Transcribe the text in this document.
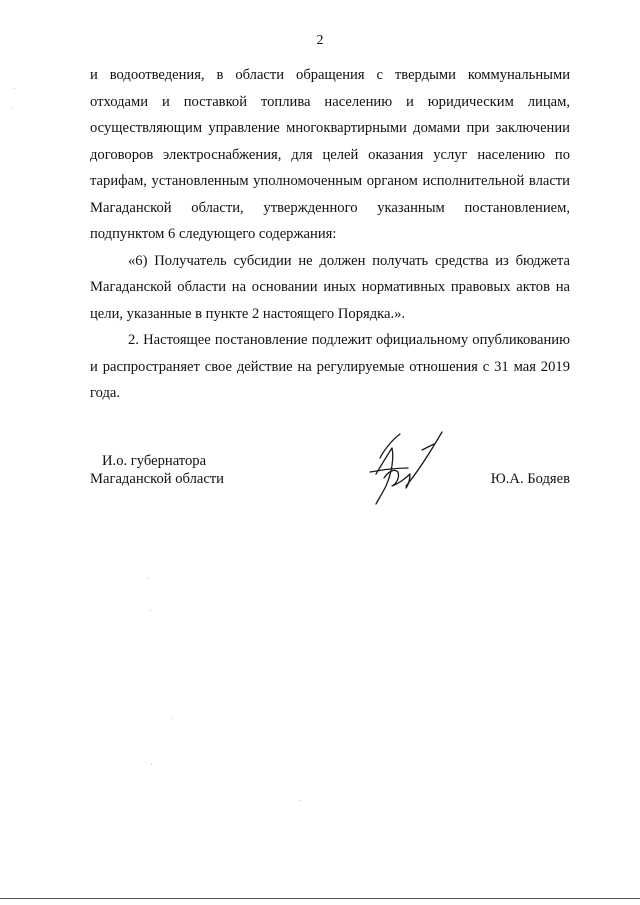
2

и водоотведения, в области обращения с твердыми коммунальными отходами и поставкой топлива населению и юридическим лицам, осуществляющим управление многоквартирными домами при заключении договоров электроснабжения, для целей оказания услуг населению по тарифам, установленным уполномоченным органом исполнительной власти Магаданской области, утвержденного указанным постановлением, подпунктом 6 следующего содержания:

«6) Получатель субсидии не должен получать средства из бюджета Магаданской области на основании иных нормативных правовых актов на цели, указанные в пункте 2 настоящего Порядка.».

2. Настоящее постановление подлежит официальному опубликованию и распространяет свое действие на регулируемые отношения с 31 мая 2019 года.

И.о. губернатора
Магаданской области	Ю.А. Бодяев
